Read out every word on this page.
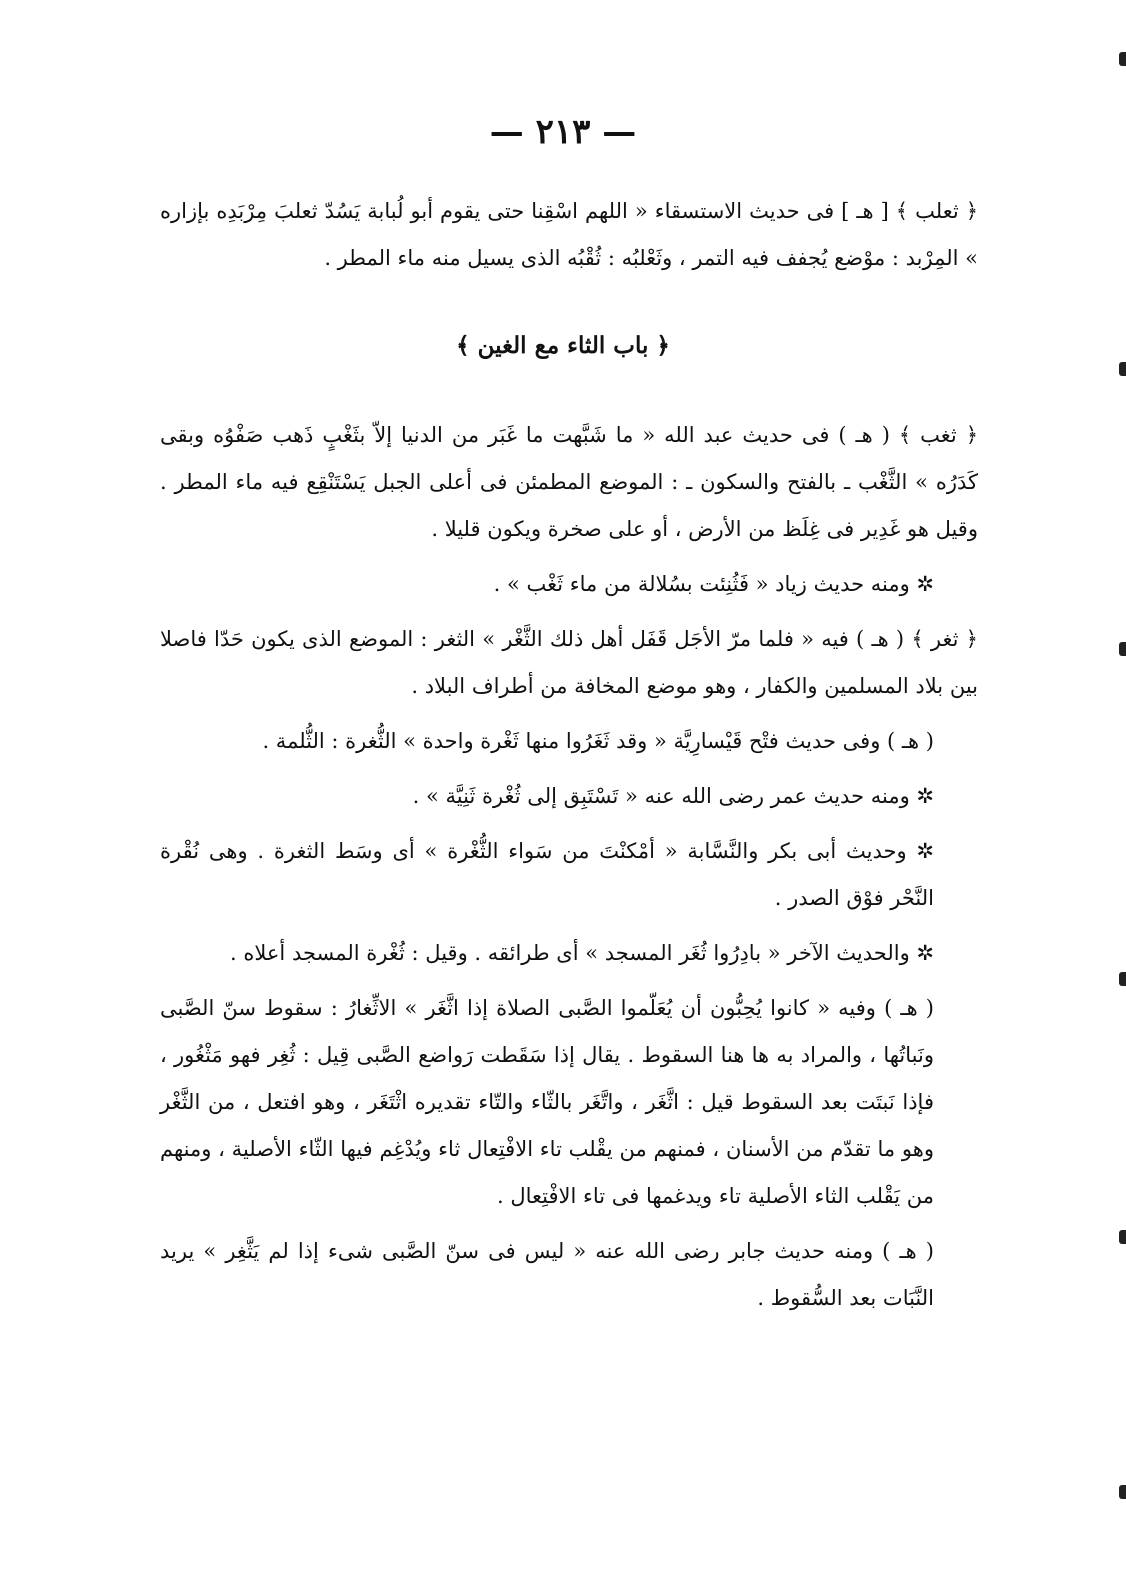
— ٢١٣ —

﴿ ثعلب ﴾ [ هـ ] فى حديث الاستسقاء « اللهم اسْقِنا حتى يقوم أبو لُبابة يَسُدّ ثعلبَ مِرْبَدِه بإزاره » المِرْبد : موْضع يُجفف فيه التمر ، وثَعْلبُه : ثُقْبُه الذى يسيل منه ماء المطر .

﴿ باب الثاء مع الغين ﴾

﴿ ثغب ﴾ ( هـ ) فى حديث عبد الله « ما شَبَّهت ما غَبَر من الدنيا إلاّ بثَغْبٍ ذَهب صَفْوُه وبقى كَدَرُه » الثَّغْب ـ بالفتح والسكون ـ : الموضع المطمئن فى أعلى الجبل يَسْتَنْقِع فيه ماء المطر . وقيل هو غَدِير فى غِلَظ من الأرض ، أو على صخرة ويكون قليلا .

✲ ومنه حديث زياد « فَثُنِئت بسُلالة من ماء ثَغْب » .

﴿ ثغر ﴾ ( هـ ) فيه « فلما مرّ الأجَل قَفَل أهل ذلك الثَّغْر » الثغر : الموضع الذى يكون حَدّا فاصلا بين بلاد المسلمين والكفار ، وهو موضع المخافة من أطراف البلاد .

( هـ ) وفى حديث فتْح قَيْسارِيَّة « وقد ثَغَرُوا منها ثَغْرة واحدة » الثُّغرة : الثُّلمة .

✲ ومنه حديث عمر رضى الله عنه « تَسْتَبِق إلى ثُغْرة ثَنِيَّة » .

✲ وحديث أبى بكر والنَّسَّابة « أمْكنْتَ من سَواء الثُّغْرة » أى وسَط الثغرة . وهى نُقْرة النَّحْر فوْق الصدر .

✲ والحديث الآخر « بادِرُوا ثُغَر المسجد » أى طرائقه . وقيل : ثُغْرة المسجد أعلاه .

( هـ ) وفيه « كانوا يُحِبُّون أن يُعَلّموا الصَّبى الصلاة إذا اثَّغَر » الاثِّغارُ : سقوط سنّ الصَّبى ونَباتُها ، والمراد به ها هنا السقوط . يقال إذا سَقَطت رَواضع الصَّبى قِيل : ثُغِر فهو مَثْغُور ، فإذا نَبتَت بعد السقوط قيل : اثَّغَر ، واتَّغَر بالثّاء والتّاء تقديره اثْتَغَر ، وهو افتعل ، من الثَّغْر وهو ما تقدّم من الأسنان ، فمنهم من يقْلب تاء الافْتِعال ثاء ويُدْغِم فيها الثّاء الأصلية ، ومنهم من يَقْلب الثاء الأصلية تاء ويدغمها فى تاء الافْتِعال .

( هـ ) ومنه حديث جابر رضى الله عنه « ليس فى سنّ الصَّبى شىء إذا لم يَثَّغِر » يريد النَّبَات بعد السُّقوط .
